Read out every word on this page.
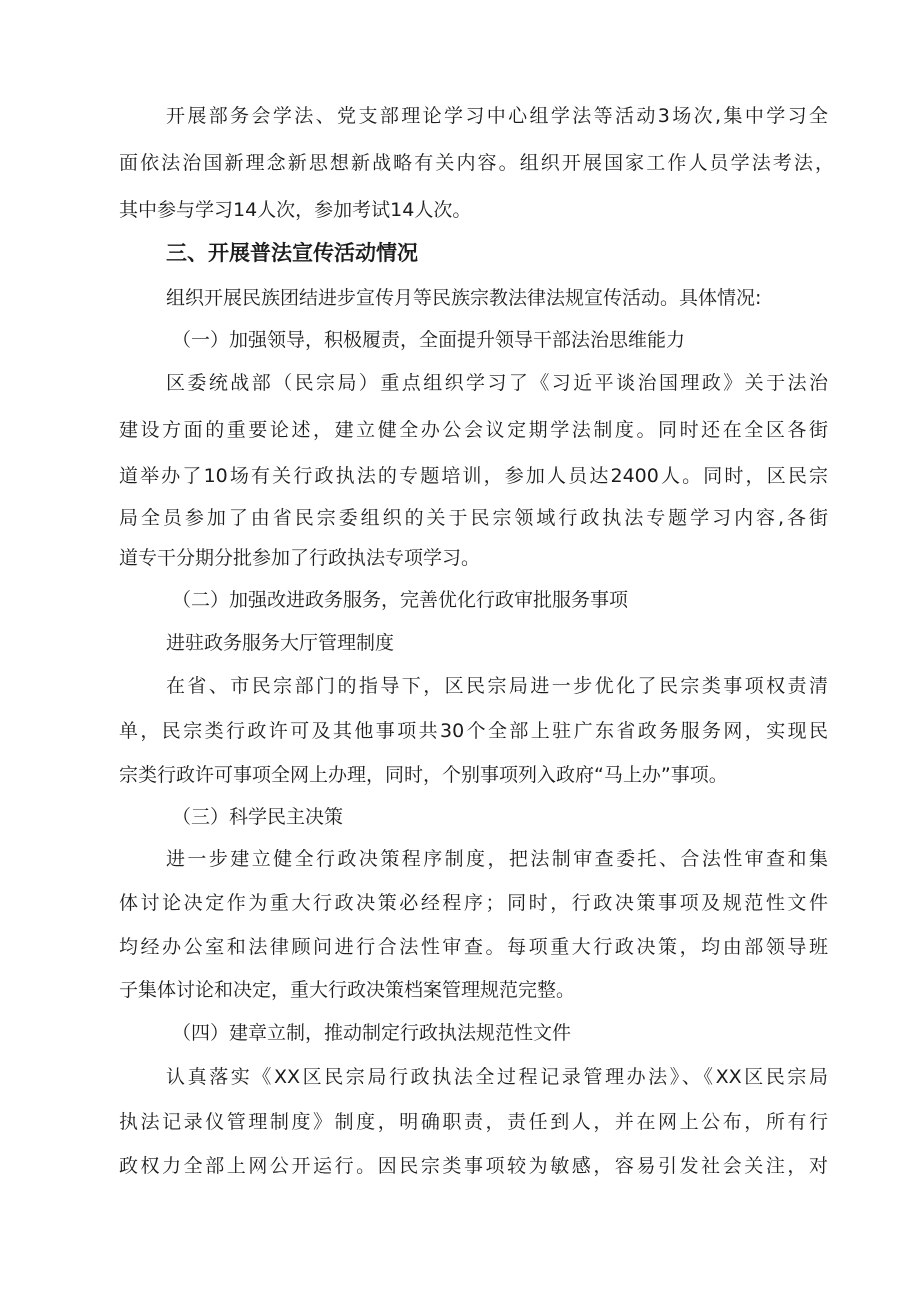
开展部务会学法、党支部理论学习中心组学法等活动3场次,集中学习全
面依法治国新理念新思想新战略有关内容。组织开展国家工作人员学法考法，
其中参与学习14人次，参加考试14人次。
三、开展普法宣传活动情况
组织开展民族团结进步宣传月等民族宗教法律法规宣传活动。具体情况:
（一）加强领导，积极履责，全面提升领导干部法治思维能力
区委统战部（民宗局）重点组织学习了《习近平谈治国理政》关于法治
建设方面的重要论述，建立健全办公会议定期学法制度。同时还在全区各街
道举办了10场有关行政执法的专题培训，参加人员达2400人。同时，区民宗
局全员参加了由省民宗委组织的关于民宗领域行政执法专题学习内容,各街
道专干分期分批参加了行政执法专项学习。
（二）加强改进政务服务，完善优化行政审批服务事项
进驻政务服务大厅管理制度
在省、市民宗部门的指导下，区民宗局进一步优化了民宗类事项权责清
单，民宗类行政许可及其他事项共30个全部上驻广东省政务服务网，实现民
宗类行政许可事项全网上办理，同时，个别事项列入政府“马上办”事项。
（三）科学民主决策
进一步建立健全行政决策程序制度，把法制审查委托、合法性审查和集
体讨论决定作为重大行政决策必经程序；同时，行政决策事项及规范性文件
均经办公室和法律顾问进行合法性审查。每项重大行政决策，均由部领导班
子集体讨论和决定，重大行政决策档案管理规范完整。
（四）建章立制，推动制定行政执法规范性文件
认真落实《XX区民宗局行政执法全过程记录管理办法》、《XX区民宗局
执法记录仪管理制度》制度，明确职责，责任到人，并在网上公布，所有行
政权力全部上网公开运行。因民宗类事项较为敏感，容易引发社会关注，对
